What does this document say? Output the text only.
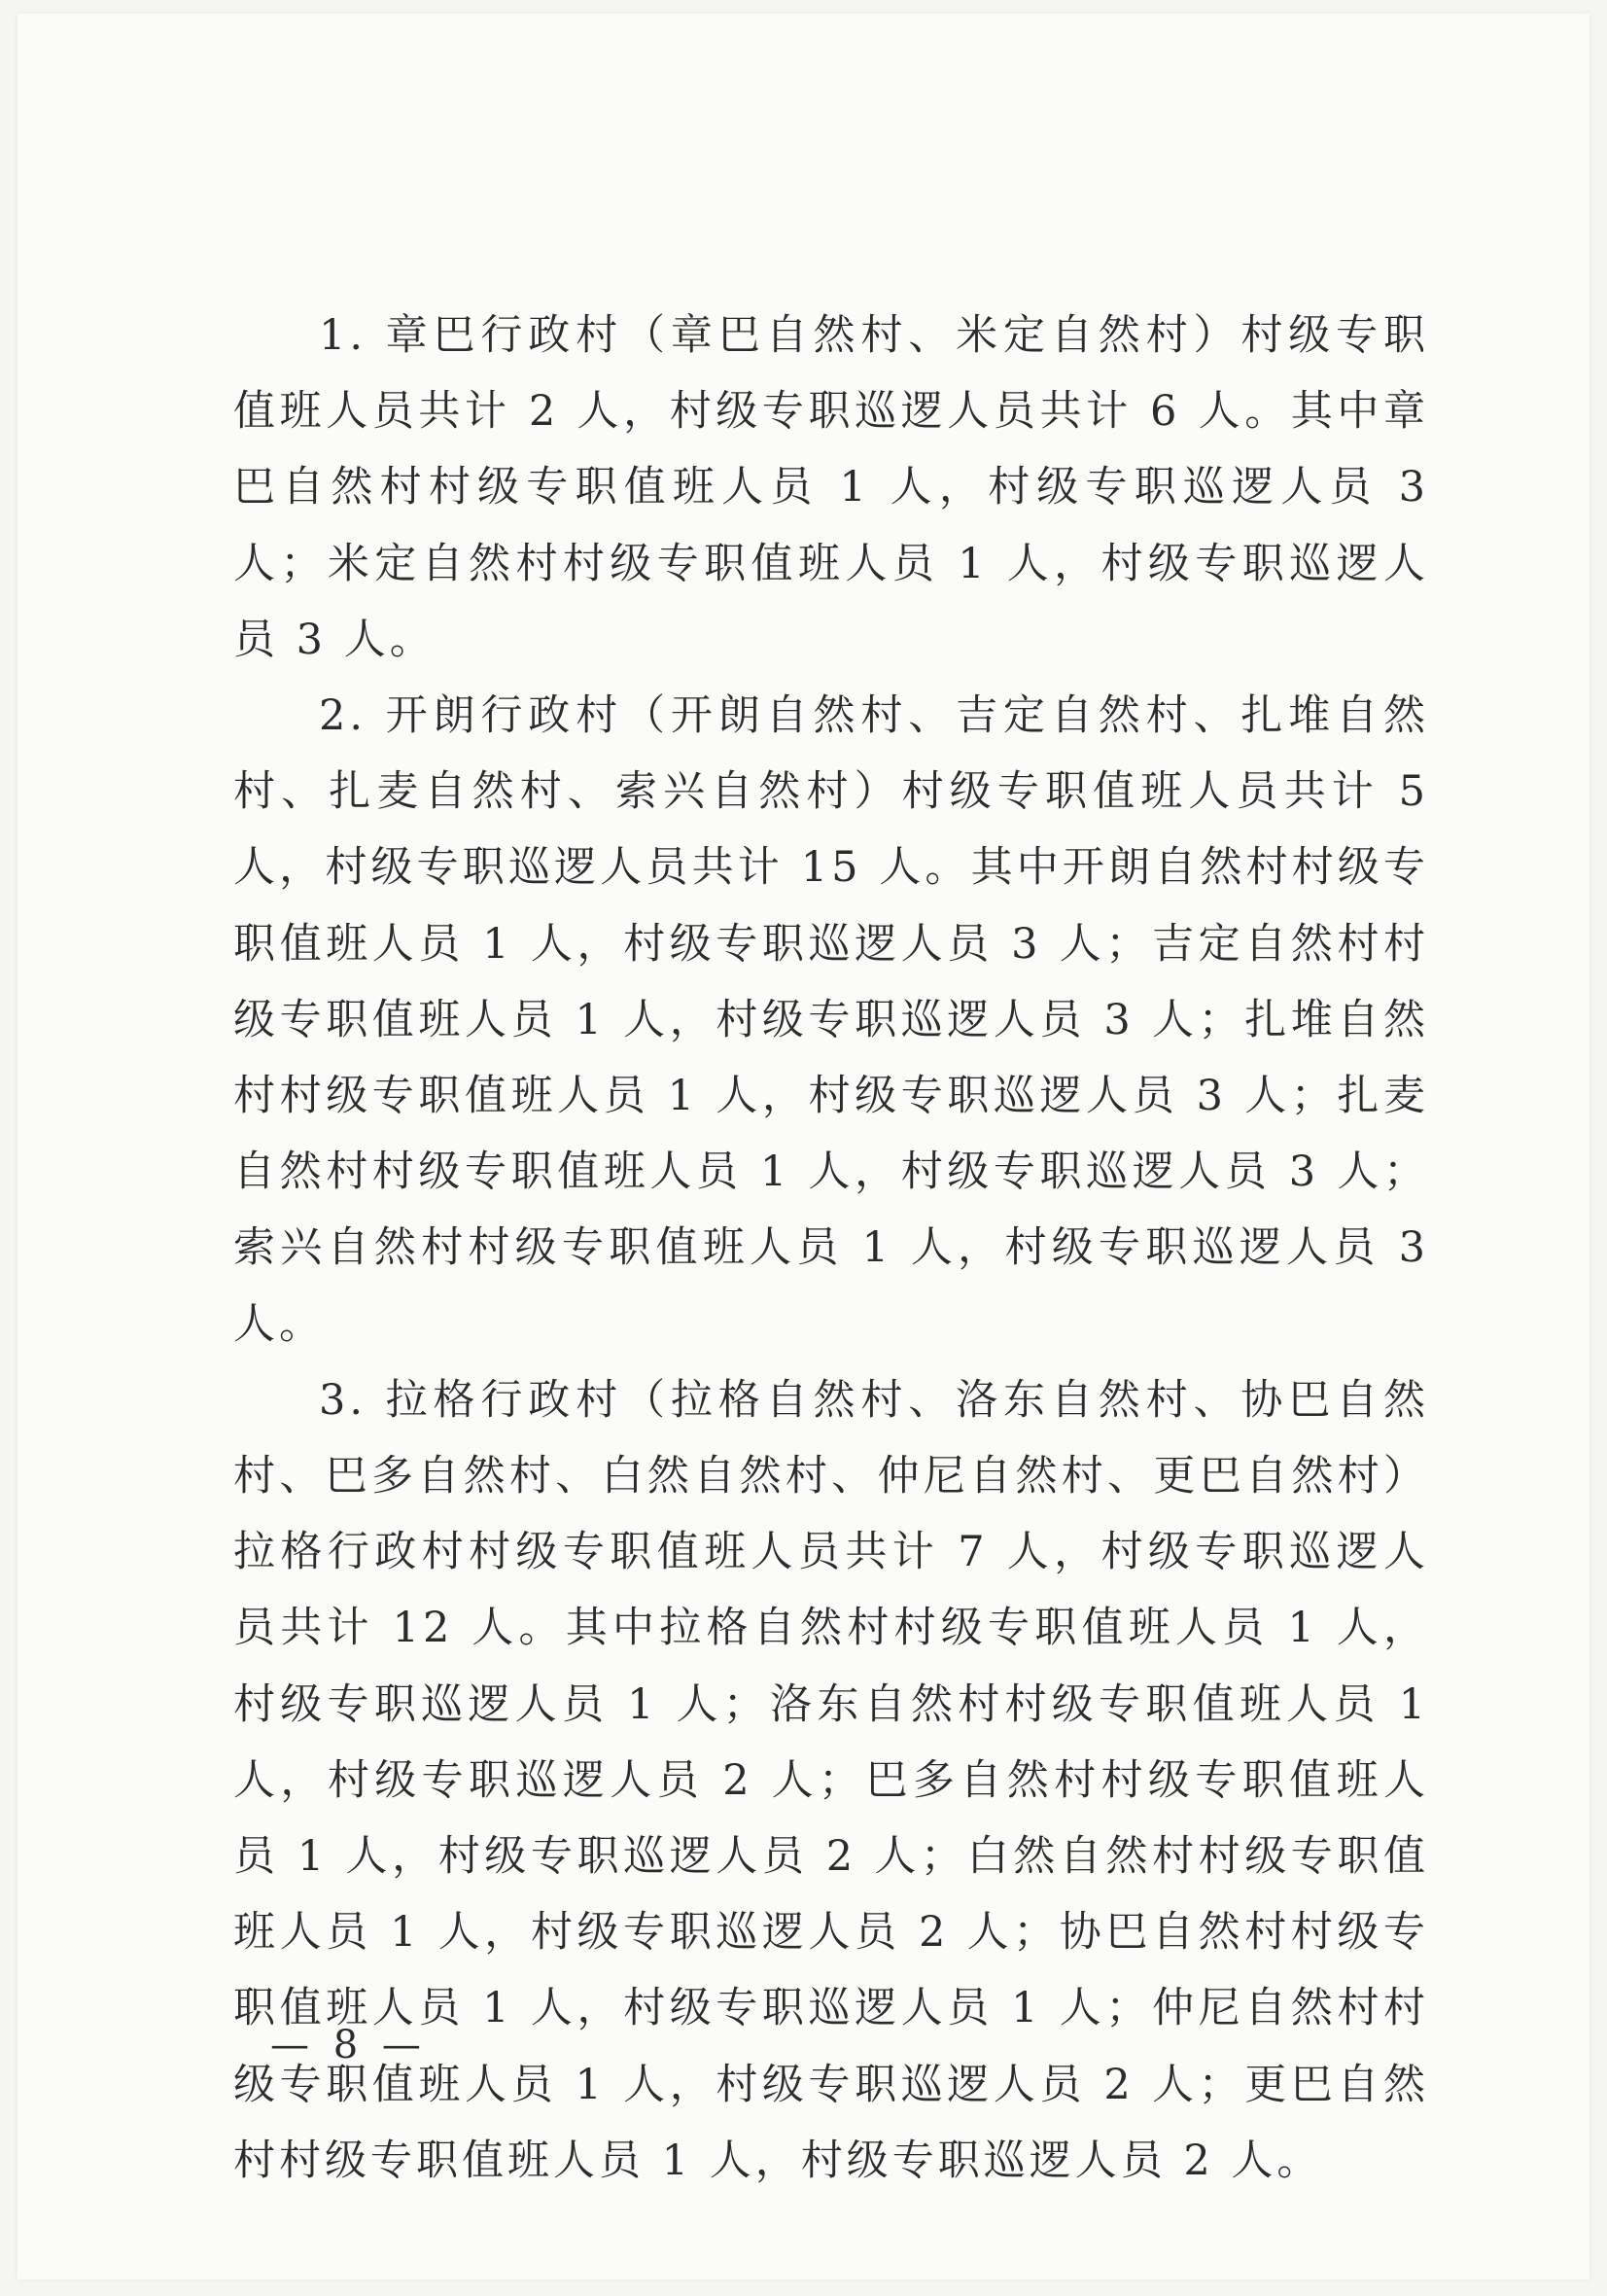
1. 章巴行政村（章巴自然村、米定自然村）村级专职值班人员共计 2 人，村级专职巡逻人员共计 6 人。其中章巴自然村村级专职值班人员 1 人，村级专职巡逻人员 3 人；米定自然村村级专职值班人员 1 人，村级专职巡逻人员 3 人。

2. 开朗行政村（开朗自然村、吉定自然村、扎堆自然村、扎麦自然村、索兴自然村）村级专职值班人员共计 5 人，村级专职巡逻人员共计 15 人。其中开朗自然村村级专职值班人员 1 人，村级专职巡逻人员 3 人；吉定自然村村级专职值班人员 1 人，村级专职巡逻人员 3 人；扎堆自然村村级专职值班人员 1 人，村级专职巡逻人员 3 人；扎麦自然村村级专职值班人员 1 人，村级专职巡逻人员 3 人；索兴自然村村级专职值班人员 1 人，村级专职巡逻人员 3 人。

3. 拉格行政村（拉格自然村、洛东自然村、协巴自然村、巴多自然村、白然自然村、仲尼自然村、更巴自然村）拉格行政村村级专职值班人员共计 7 人，村级专职巡逻人员共计 12 人。其中拉格自然村村级专职值班人员 1 人，村级专职巡逻人员 1 人；洛东自然村村级专职值班人员 1 人，村级专职巡逻人员 2 人；巴多自然村村级专职值班人员 1 人，村级专职巡逻人员 2 人；白然自然村村级专职值班人员 1 人，村级专职巡逻人员 2 人；协巴自然村村级专职值班人员 1 人，村级专职巡逻人员 1 人；仲尼自然村村级专职值班人员 1 人，村级专职巡逻人员 2 人；更巴自然村村级专职值班人员 1 人，村级专职巡逻人员 2 人。

— 8 —
